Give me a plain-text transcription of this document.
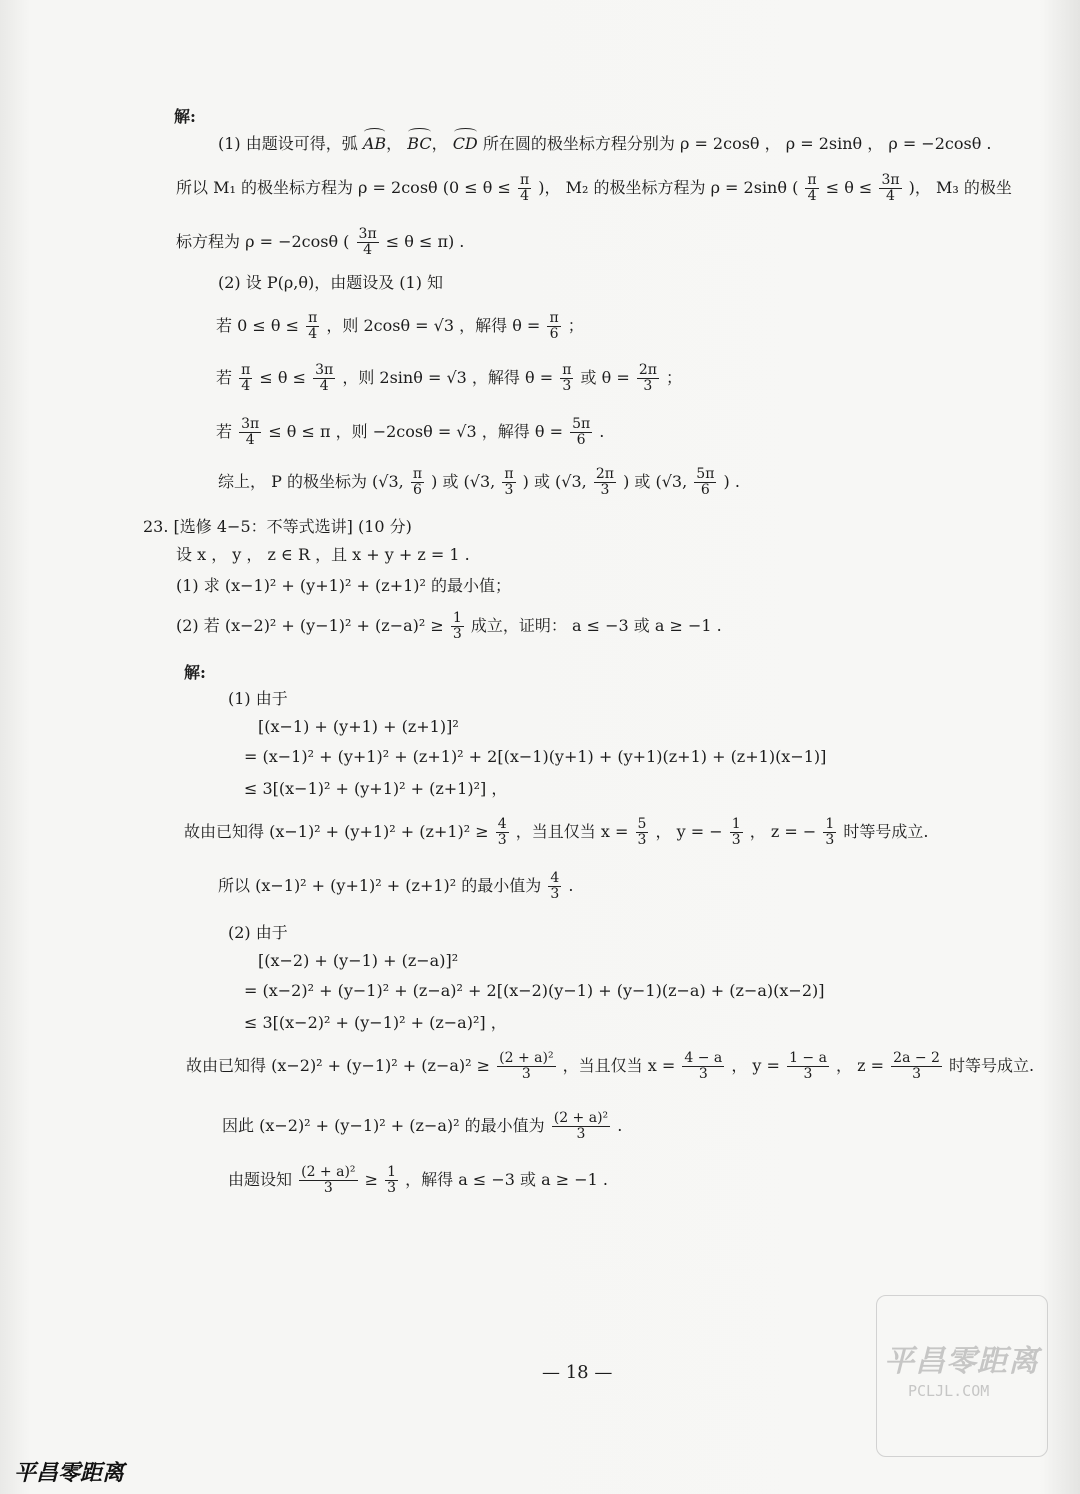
解:
(1) 由题设可得，弧 AB， BC， CD 所在圆的极坐标方程分别为 ρ = 2cosθ ， ρ = 2sinθ ， ρ = −2cosθ .
所以 M₁ 的极坐标方程为 ρ = 2cosθ ($0 \le \theta \le \frac{\pi}{4}$ )， M₂ 的极坐标方程为 ρ = 2sinθ ( $\frac{\pi}{4} \le \theta \le \frac{3\pi}{4}$ )， M₃ 的极坐
标方程为 ρ = −2cosθ ( $\frac{3\pi}{4} \le \theta \le \pi$) .
(2) 设 P(ρ,θ)，由题设及 (1) 知
若 $0 \le \theta \le \frac{\pi}{4}$ ，则 2cosθ = √3 ，解得 $\theta = \frac{\pi}{6}$ ；
若 $\frac{\pi}{4} \le \theta \le \frac{3\pi}{4}$ ，则 2sinθ = √3 ，解得 $\theta = \frac{\pi}{3}$ 或 $\theta = \frac{2\pi}{3}$ ；
若 $\frac{3\pi}{4} \le \theta \le \pi$ ，则 −2cosθ = √3 ，解得 $\theta = \frac{5\pi}{6}$ .
综上， P 的极坐标为 (√3, $\frac{\pi}{6}$ ) 或 (√3, $\frac{\pi}{3}$ ) 或 (√3, $\frac{2\pi}{3}$ ) 或 (√3, $\frac{5\pi}{6}$ ) .
23. [选修 4−5：不等式选讲] (10 分)
设 x ， y ， z ∈ R ，且 x + y + z = 1 .
(1) 求 (x−1)² + (y+1)² + (z+1)² 的最小值；
(2) 若 $(x-2)^2 + (y-1)^2 + (z-a)^2 \ge \frac{1}{3}$ 成立，证明： a ≤ −3 或 a ≥ −1 .
解:
(1) 由于
[(x−1) + (y+1) + (z+1)]²
= (x−1)² + (y+1)² + (z+1)² + 2[(x−1)(y+1) + (y+1)(z+1) + (z+1)(x−1)]
≤ 3[(x−1)² + (y+1)² + (z+1)²] ，
故由已知得 $(x-1)^2 + (y+1)^2 + (z+1)^2 \ge \frac{4}{3}$ ，当且仅当 $x = \frac{5}{3}$ ， y = − $\frac{1}{3}$ ， z = − $\frac{1}{3}$ 时等号成立.
所以 (x−1)² + (y+1)² + (z+1)² 的最小值为 $\frac{4}{3}$ .
(2) 由于
[(x−2) + (y−1) + (z−a)]²
= (x−2)² + (y−1)² + (z−a)² + 2[(x−2)(y−1) + (y−1)(z−a) + (z−a)(x−2)]
≤ 3[(x−2)² + (y−1)² + (z−a)²] ，
故由已知得 $(x-2)^2 + (y-1)^2 + (z-a)^2 \ge \frac{\text{(2 + a)²}}{3}$ ，当且仅当 $x = \frac{4 - a}{3}$ ， $y = \frac{1 - a}{3}$ ， $z = \frac{2a - 2}{3}$ 时等号成立.
因此 (x−2)² + (y−1)² + (z−a)² 的最小值为 $\frac{\text{(2 + a)²}}{3}$ .
由题设知 $\frac{\text{(2 + a)²}}{3} \ge \frac{1}{3}$ ，解得 a ≤ −3 或 a ≥ −1 .
— 18 —	平昌零距离
PCLJL.COM
平昌零距离
